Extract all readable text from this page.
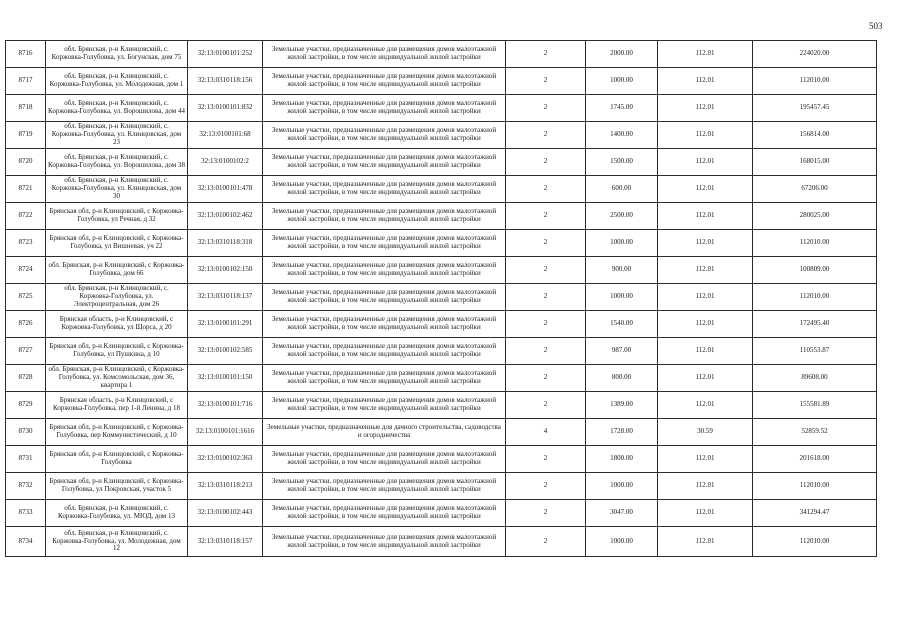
503
8716	обл. Брянская, р-н Клинцовский, с. Коржовка-Голубовка, ул. Богунская, дом 75	32:13:0100101:252	Земельные участки, предназначенные для размещения домов малоэтажной жилой застройки, в том числе индивидуальной жилой застройки	2	2000.00	112.01	224020.00
8717	обл. Брянская, р-н Клинцовский, с. Коржовка-Голубовка, ул. Молодежная, дом 1	32:13:0310118:156	Земельные участки, предназначенные для размещения домов малоэтажной жилой застройки, в том числе индивидуальной жилой застройки	2	1000.00	112.01	112010.00
8718	обл. Брянская, р-н Клинцовский, с. Коржовка-Голубовка, ул. Ворошилова, дом 44	32:13:0100101:832	Земельные участки, предназначенные для размещения домов малоэтажной жилой застройки, в том числе индивидуальной жилой застройки	2	1745.00	112.01	195457.45
8719	обл. Брянская, р-н Клинцовский, с. Коржовка-Голубовка, ул. Клинцовская, дом 23	32:13:0100101:68	Земельные участки, предназначенные для размещения домов малоэтажной жилой застройки, в том числе индивидуальной жилой застройки	2	1400.00	112.01	156814.00
8720	обл. Брянская, р-н Клинцовский, с. Коржовка-Голубовка, ул. Ворошилова, дом 38	32:13:0100102:2	Земельные участки, предназначенные для размещения домов малоэтажной жилой застройки, в том числе индивидуальной жилой застройки	2	1500.00	112.01	168015.00
8721	обл. Брянская, р-н Клинцовский, с. Коржовка-Голубовка, ул. Клинцовская, дом 30	32:13:0100101:478	Земельные участки, предназначенные для размещения домов малоэтажной жилой застройки, в том числе индивидуальной жилой застройки	2	600.00	112.01	67206.00
8722	Брянская обл, р-н Клинцовский, с Коржовка-Голубовка, ул Речная, д 32	32:13:0100102:462	Земельные участки, предназначенные для размещения домов малоэтажной жилой застройки, в том числе индивидуальной жилой застройки	2	2500.00	112.01	280025.00
8723	Брянская обл, р-н Клинцовский, с Коржовка-Голубовка, ул Вишневая, уч 22	32:13:0310118:318	Земельные участки, предназначенные для размещения домов малоэтажной жилой застройки, в том числе индивидуальной жилой застройки	2	1000.00	112.01	112010.00
8724	обл. Брянская, р-н Клинцовский, с Коржовка-Голубовка, дом 66	32:13:0100102:150	Земельные участки, предназначенные для размещения домов малоэтажной жилой застройки, в том числе индивидуальной жилой застройки	2	900.00	112.01	100809.00
8725	обл. Брянская, р-н Клинцовский, с. Коржовка-Голубовка, ул. Электроцентральная, дом 26	32:13:0310118:137	Земельные участки, предназначенные для размещения домов малоэтажной жилой застройки, в том числе индивидуальной жилой застройки	2	1000.00	112.01	112010.00
8726	Брянская область, р-н Клинцовский, с Коржовка-Голубовка, ул Щорса, д 20	32:13:0100101:291	Земельные участки, предназначенные для размещения домов малоэтажной жилой застройки, в том числе индивидуальной жилой застройки	2	1540.00	112.01	172495.40
8727	Брянская обл, р-н Клинцовский, с Коржовка-Голубовка, ул Пушкина, д 10	32:13:0100102:585	Земельные участки, предназначенные для размещения домов малоэтажной жилой застройки, в том числе индивидуальной жилой застройки	2	987.00	112.01	110553.87
8728	обл. Брянская, р-н Клинцовский, с Коржовка-Голубовка, ул. Комсомольская, дом 36, квартира 1	32:13:0100101:150	Земельные участки, предназначенные для размещения домов малоэтажной жилой застройки, в том числе индивидуальной жилой застройки	2	800.00	112.01	89608.00
8729	Брянская область, р-н Клинцовский, с Коржовка-Голубовка, пер 1-й Ленина, д 18	32:13:0100101:716	Земельные участки, предназначенные для размещения домов малоэтажной жилой застройки, в том числе индивидуальной жилой застройки	2	1389.00	112.01	155581.89
8730	Брянская обл, р-н Клинцовский, с Коржовка-Голубовка, пер Коммунистический, д 10	32:13:0100101:1616	Земельные участки, предназначенные для дачного строительства, садоводства и огородничества	4	1728.00	30.59	52859.52
8731	Брянская обл, р-н Клинцовский, с Коржовка-Голубовка	32:13:0100102:363	Земельные участки, предназначенные для размещения домов малоэтажной жилой застройки, в том числе индивидуальной жилой застройки	2	1800.00	112.01	201618.00
8732	Брянская обл, р-н Клинцовский, с Коржовка-Голубовка, ул Покровская, участок 5	32:13:0310118:213	Земельные участки, предназначенные для размещения домов малоэтажной жилой застройки, в том числе индивидуальной жилой застройки	2	1000.00	112.01	112010.00
8733	обл. Брянская, р-н Клинцовский, с. Коржовка-Голубовка, ул. МЮД, дом 13	32:13:0100102:443	Земельные участки, предназначенные для размещения домов малоэтажной жилой застройки, в том числе индивидуальной жилой застройки	2	3047.00	112.01	341294.47
8734	обл. Брянская, р-н Клинцовский, с. Коржовка-Голубовка, ул. Молодежная, дом 12	32:13:0310118:157	Земельные участки, предназначенные для размещения домов малоэтажной жилой застройки, в том числе индивидуальной жилой застройки	2	1000.00	112.01	112010.00
